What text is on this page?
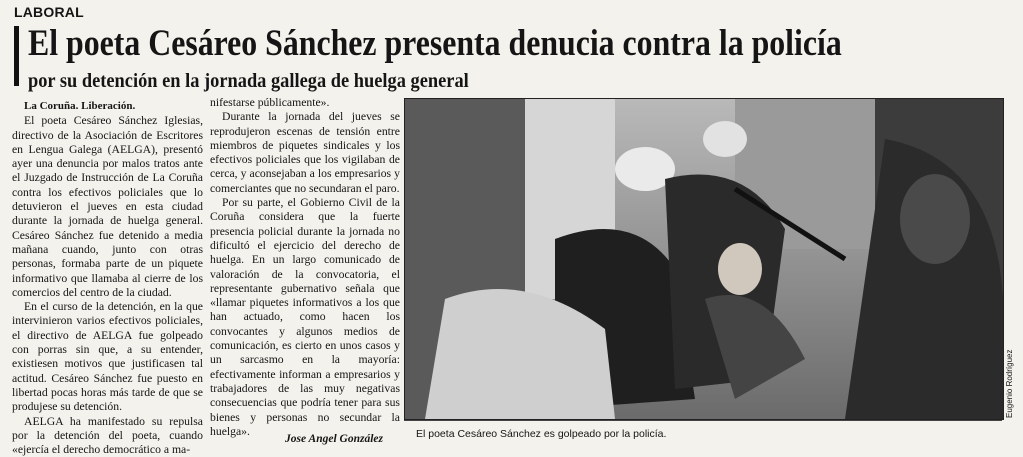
LABORAL
El poeta Cesáreo Sánchez presenta denucia contra la policía
por su detención en la jornada gallega de huelga general
La Coruña. Liberación.

El poeta Cesáreo Sánchez Iglesias, directivo de la Asociación de Escritores en Lengua Galega (AELGA), presentó ayer una denuncia por malos tratos ante el Juzgado de Instrucción de La Coruña contra los efectivos policiales que lo detuvieron el jueves en esta ciudad durante la jornada de huelga general. Cesáreo Sánchez fue detenido a media mañana cuando, junto con otras personas, formaba parte de un piquete informativo que llamaba al cierre de los comercios del centro de la ciudad.

En el curso de la detención, en la que intervinieron varios efectivos policiales, el directivo de AELGA fue golpeado con porras sin que, a su entender, existiesen motivos que justificasen tal actitud. Cesáreo Sánchez fue puesto en libertad pocas horas más tarde de que se produjese su detención.

AELGA ha manifestado su repulsa por la detención del poeta, cuando «ejercía el derecho democrático a ma-

nifestarse públicamente».

Durante la jornada del jueves se reprodujeron escenas de tensión entre miembros de piquetes sindicales y los efectivos policiales que los vigilaban de cerca, y aconsejaban a los empresarios y comerciantes que no secundaran el paro.

Por su parte, el Gobierno Civil de la Coruña considera que la fuerte presencia policial durante la jornada no dificultó el ejercicio del derecho de huelga. En un largo comunicado de valoración de la convocatoria, el representante gubernativo señala que «llamar piquetes informativos a los que han actuado, como hacen los convocantes y algunos medios de comunicación, es cierto en unos casos y un sarcasmo en la mayoría: efectivamente informan a empresarios y trabajadores de las muy negativas consecuencias que podría tener para sus bienes y personas no secundar la huelga».

Jose Angel González
Eugenio Rodríguez
El poeta Cesáreo Sánchez es golpeado por la policía.
